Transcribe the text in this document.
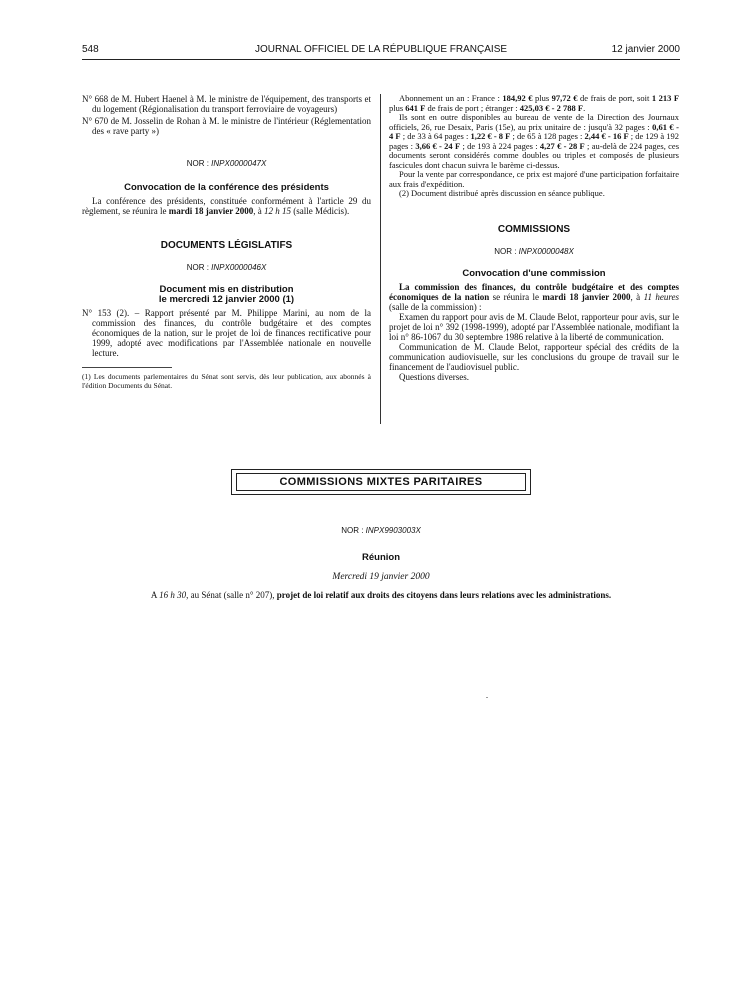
548	JOURNAL OFFICIEL DE LA RÉPUBLIQUE FRANÇAISE	12 janvier 2000

N° 668 de M. Hubert Haenel à M. le ministre de l'équipement, des transports et du logement (Régionalisation du transport ferroviaire de voyageurs)

N° 670 de M. Josselin de Rohan à M. le ministre de l'intérieur (Réglementation des « rave party »)

NOR : INPX0000047X

Convocation de la conférence des présidents

La conférence des présidents, constituée conformément à l'article 29 du règlement, se réunira le mardi 18 janvier 2000, à 12 h 15 (salle Médicis).

DOCUMENTS LÉGISLATIFS

NOR : INPX0000046X

Document mis en distribution
le mercredi 12 janvier 2000 (1)

N° 153 (2). – Rapport présenté par M. Philippe Marini, au nom de la commission des finances, du contrôle budgétaire et des comptes économiques de la nation, sur le projet de loi de finances rectificative pour 1999, adopté avec modifications par l'Assemblée nationale en nouvelle lecture.

(1) Les documents parlementaires du Sénat sont servis, dès leur publication, aux abonnés à l'édition Documents du Sénat.

Abonnement un an : France : 184,92 € plus 97,72 € de frais de port, soit 1 213 F plus 641 F de frais de port ; étranger : 425,03 € - 2 788 F.

Ils sont en outre disponibles au bureau de vente de la Direction des Journaux officiels, 26, rue Desaix, Paris (15e), au prix unitaire de : jusqu'à 32 pages : 0,61 € - 4 F ; de 33 à 64 pages : 1,22 € - 8 F ; de 65 à 128 pages : 2,44 € - 16 F ; de 129 à 192 pages : 3,66 € - 24 F ; de 193 à 224 pages : 4,27 € - 28 F ; au-delà de 224 pages, ces documents seront considérés comme doubles ou triples et composés de plusieurs fascicules dont chacun suivra le barème ci-dessus.

Pour la vente par correspondance, ce prix est majoré d'une participation forfaitaire aux frais d'expédition.

(2) Document distribué après discussion en séance publique.

COMMISSIONS

NOR : INPX0000048X

Convocation d'une commission

La commission des finances, du contrôle budgétaire et des comptes économiques de la nation se réunira le mardi 18 janvier 2000, à 11 heures (salle de la commission) :

Examen du rapport pour avis de M. Claude Belot, rapporteur pour avis, sur le projet de loi n° 392 (1998-1999), adopté par l'Assemblée nationale, modifiant la loi n° 86-1067 du 30 septembre 1986 relative à la liberté de communication.

Communication de M. Claude Belot, rapporteur spécial des crédits de la communication audiovisuelle, sur les conclusions du groupe de travail sur le financement de l'audiovisuel public.

Questions diverses.

COMMISSIONS MIXTES PARITAIRES

NOR : INPX9903003X

Réunion

Mercredi 19 janvier 2000

A 16 h 30, au Sénat (salle n° 207), projet de loi relatif aux droits des citoyens dans leurs relations avec les administrations.
